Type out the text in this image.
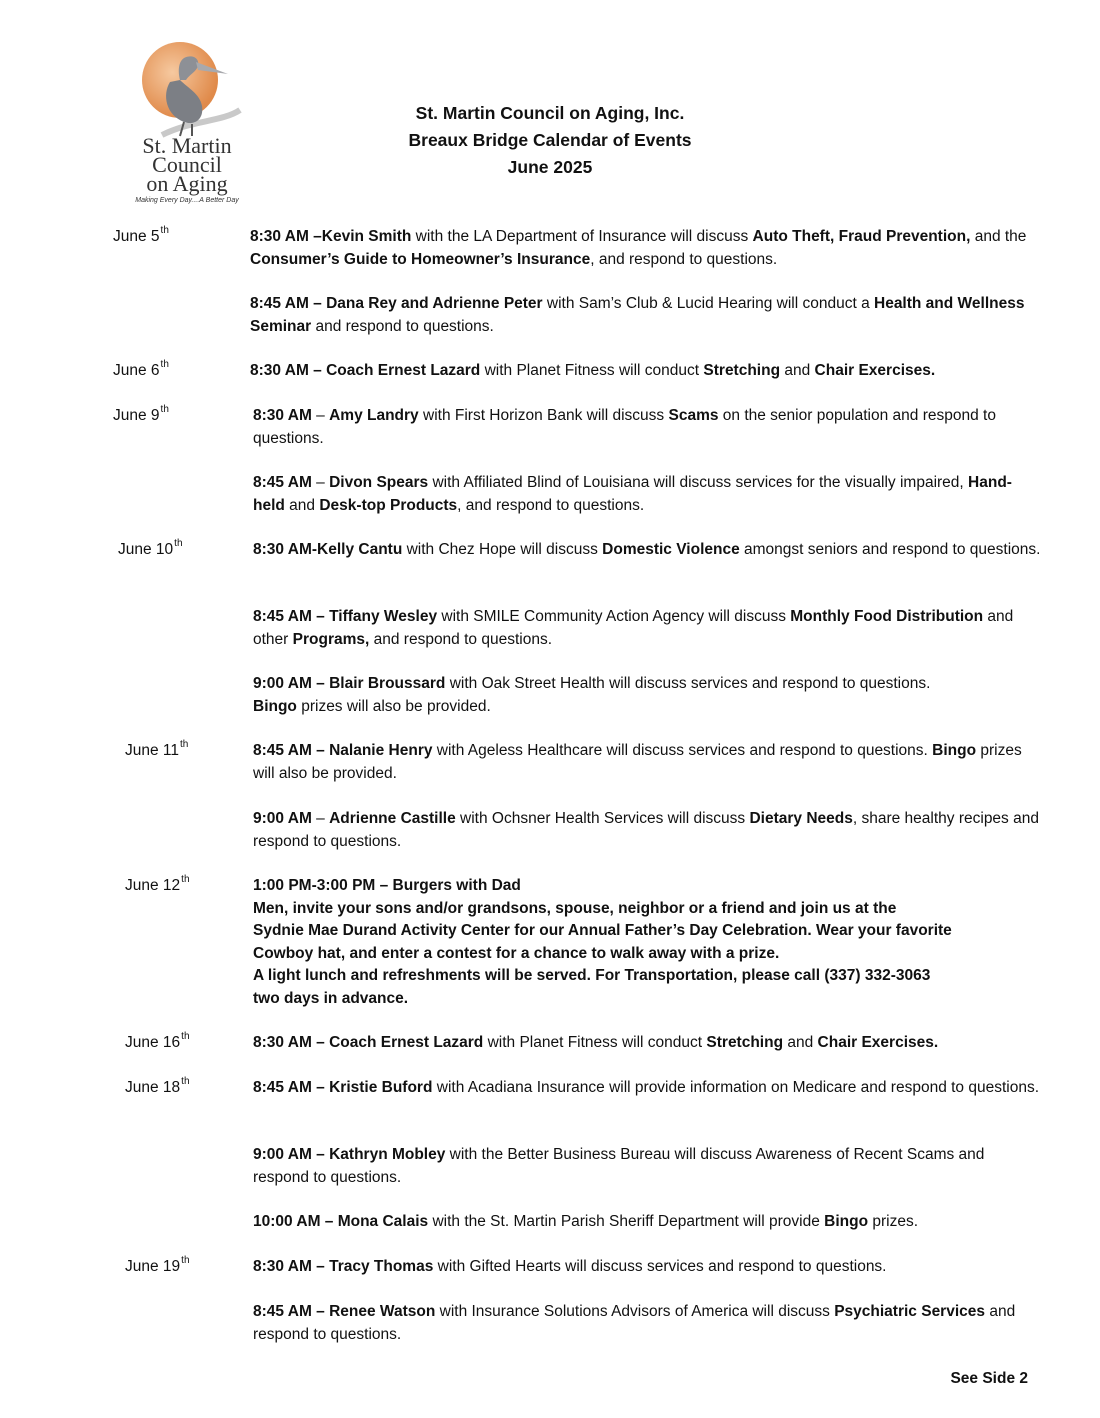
St. Martin
Council
on Aging
Making Every Day....A Better Day
St. Martin Council on Aging, Inc.
Breaux Bridge Calendar of Events
June 2025
June 5th	8:30 AM –Kevin Smith with the LA Department of Insurance will discuss Auto Theft, Fraud Prevention, and the Consumer’s Guide to Homeowner’s Insurance, and respond to questions.
8:45 AM – Dana Rey and Adrienne Peter with Sam’s Club & Lucid Hearing will conduct a Health and Wellness Seminar and respond to questions.
June 6th	8:30 AM – Coach Ernest Lazard with Planet Fitness will conduct Stretching and Chair Exercises.
June 9th	8:30 AM – Amy Landry with First Horizon Bank will discuss Scams on the senior population and respond to questions.
8:45 AM – Divon Spears with Affiliated Blind of Louisiana will discuss services for the visually impaired, Hand-held and Desk-top Products, and respond to questions.
June 10th	8:30 AM-Kelly Cantu with Chez Hope will discuss Domestic Violence amongst seniors and respond to questions.
8:45 AM – Tiffany Wesley with SMILE Community Action Agency will discuss Monthly Food Distribution and other Programs, and respond to questions.
9:00 AM – Blair Broussard with Oak Street Health will discuss services and respond to questions.
Bingo prizes will also be provided.
June 11th	8:45 AM – Nalanie Henry with Ageless Healthcare will discuss services and respond to questions. Bingo prizes will also be provided.
9:00 AM – Adrienne Castille with Ochsner Health Services will discuss Dietary Needs, share healthy recipes and respond to questions.
June 12th	1:00 PM-3:00 PM – Burgers with Dad
Men, invite your sons and/or grandsons, spouse, neighbor or a friend and join us at the
Sydnie Mae Durand Activity Center for our Annual Father’s Day Celebration. Wear your favorite
Cowboy hat, and enter a contest for a chance to walk away with a prize.
A light lunch and refreshments will be served. For Transportation, please call (337) 332-3063
two days in advance.
June 16th	8:30 AM – Coach Ernest Lazard with Planet Fitness will conduct Stretching and Chair Exercises.
June 18th	8:45 AM – Kristie Buford with Acadiana Insurance will provide information on Medicare and respond to questions.
9:00 AM – Kathryn Mobley with the Better Business Bureau will discuss Awareness of Recent Scams and respond to questions.
10:00 AM – Mona Calais with the St. Martin Parish Sheriff Department will provide Bingo prizes.
June 19th	8:30 AM – Tracy Thomas with Gifted Hearts will discuss services and respond to questions.
8:45 AM – Renee Watson with Insurance Solutions Advisors of America will discuss Psychiatric Services and respond to questions.
See Side 2
